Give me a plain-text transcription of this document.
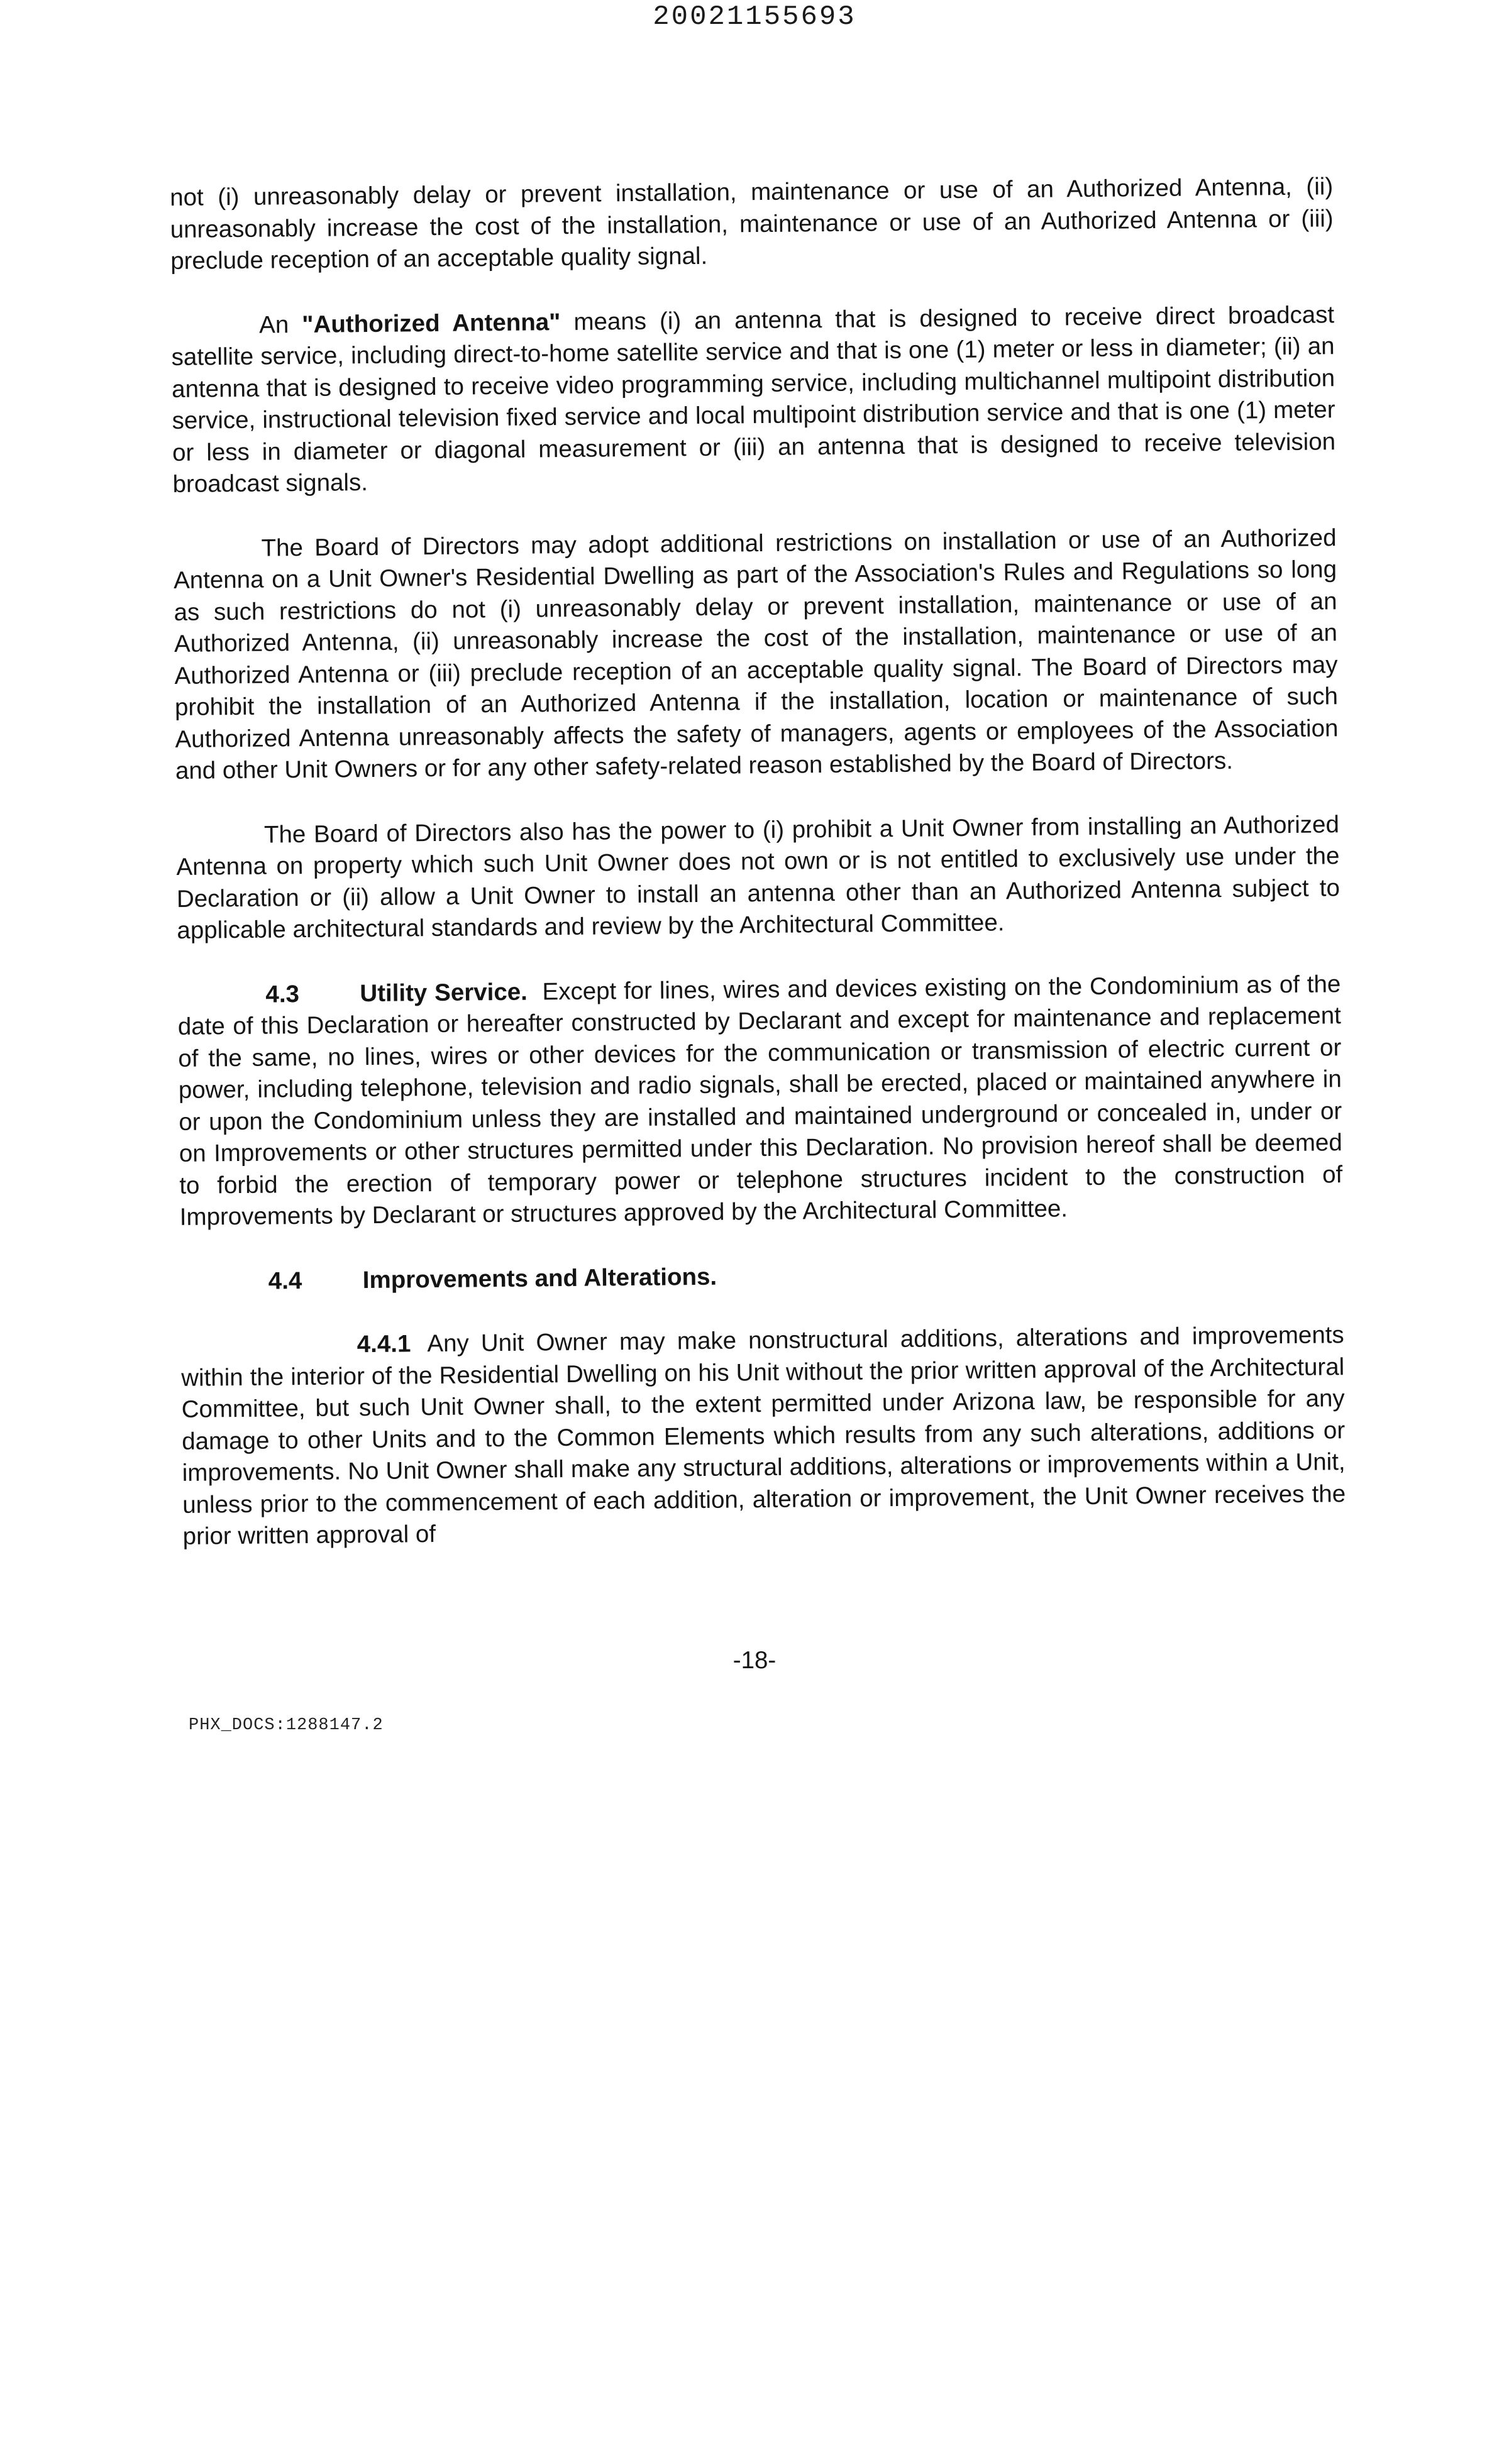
20021155693

not (i) unreasonably delay or prevent installation, maintenance or use of an Authorized Antenna, (ii) unreasonably increase the cost of the installation, maintenance or use of an Authorized Antenna or (iii) preclude reception of an acceptable quality signal.

An "Authorized Antenna" means (i) an antenna that is designed to receive direct broadcast satellite service, including direct-to-home satellite service and that is one (1) meter or less in diameter; (ii) an antenna that is designed to receive video programming service, including multichannel multipoint distribution service, instructional television fixed service and local multipoint distribution service and that is one (1) meter or less in diameter or diagonal measurement or (iii) an antenna that is designed to receive television broadcast signals.

The Board of Directors may adopt additional restrictions on installation or use of an Authorized Antenna on a Unit Owner's Residential Dwelling as part of the Association's Rules and Regulations so long as such restrictions do not (i) unreasonably delay or prevent installation, maintenance or use of an Authorized Antenna, (ii) unreasonably increase the cost of the installation, maintenance or use of an Authorized Antenna or (iii) preclude reception of an acceptable quality signal. The Board of Directors may prohibit the installation of an Authorized Antenna if the installation, location or maintenance of such Authorized Antenna unreasonably affects the safety of managers, agents or employees of the Association and other Unit Owners or for any other safety-related reason established by the Board of Directors.

The Board of Directors also has the power to (i) prohibit a Unit Owner from installing an Authorized Antenna on property which such Unit Owner does not own or is not entitled to exclusively use under the Declaration or (ii) allow a Unit Owner to install an antenna other than an Authorized Antenna subject to applicable architectural standards and review by the Architectural Committee.

4.3 Utility Service. Except for lines, wires and devices existing on the Condominium as of the date of this Declaration or hereafter constructed by Declarant and except for maintenance and replacement of the same, no lines, wires or other devices for the communication or transmission of electric current or power, including telephone, television and radio signals, shall be erected, placed or maintained anywhere in or upon the Condominium unless they are installed and maintained underground or concealed in, under or on Improvements or other structures permitted under this Declaration. No provision hereof shall be deemed to forbid the erection of temporary power or telephone structures incident to the construction of Improvements by Declarant or structures approved by the Architectural Committee.

4.4 Improvements and Alterations.

4.4.1 Any Unit Owner may make nonstructural additions, alterations and improvements within the interior of the Residential Dwelling on his Unit without the prior written approval of the Architectural Committee, but such Unit Owner shall, to the extent permitted under Arizona law, be responsible for any damage to other Units and to the Common Elements which results from any such alterations, additions or improvements. No Unit Owner shall make any structural additions, alterations or improvements within a Unit, unless prior to the commencement of each addition, alteration or improvement, the Unit Owner receives the prior written approval of

-18-
PHX_DOCS:1288147.2
